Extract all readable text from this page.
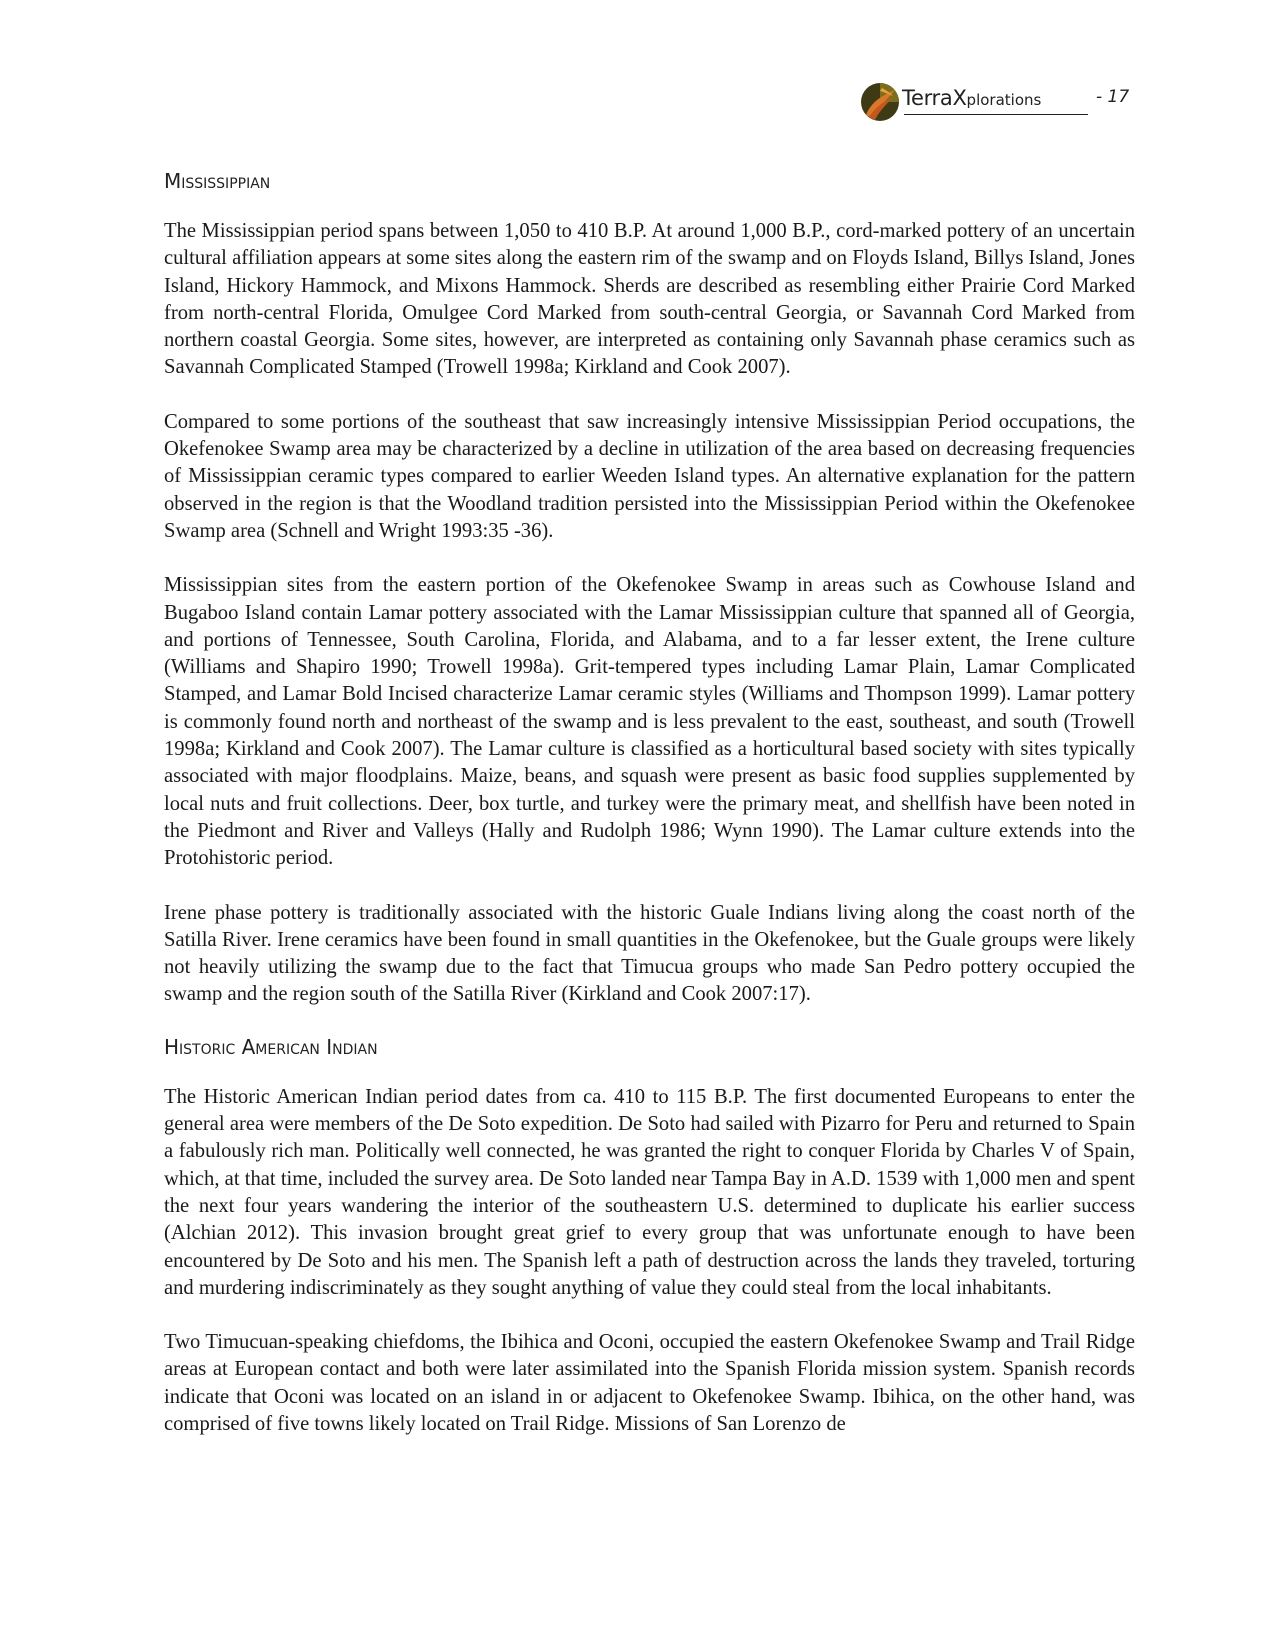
TerraXplorations	- 17
Mississippian

The Mississippian period spans between 1,050 to 410 B.P. At around 1,000 B.P., cord-marked pottery of an uncertain cultural affiliation appears at some sites along the eastern rim of the swamp and on Floyds Island, Billys Island, Jones Island, Hickory Hammock, and Mixons Hammock. Sherds are described as resembling either Prairie Cord Marked from north-central Florida, Omulgee Cord Marked from south-central Georgia, or Savannah Cord Marked from northern coastal Georgia. Some sites, however, are interpreted as containing only Savannah phase ceramics such as Savannah Complicated Stamped (Trowell 1998a; Kirkland and Cook 2007).

Compared to some portions of the southeast that saw increasingly intensive Mississippian Period occupations, the Okefenokee Swamp area may be characterized by a decline in utilization of the area based on decreasing frequencies of Mississippian ceramic types compared to earlier Weeden Island types. An alternative explanation for the pattern observed in the region is that the Woodland tradition persisted into the Mississippian Period within the Okefenokee Swamp area (Schnell and Wright 1993:35 -36).

Mississippian sites from the eastern portion of the Okefenokee Swamp in areas such as Cowhouse Island and Bugaboo Island contain Lamar pottery associated with the Lamar Mississippian culture that spanned all of Georgia, and portions of Tennessee, South Carolina, Florida, and Alabama, and to a far lesser extent, the Irene culture (Williams and Shapiro 1990; Trowell 1998a). Grit-tempered types including Lamar Plain, Lamar Complicated Stamped, and Lamar Bold Incised characterize Lamar ceramic styles (Williams and Thompson 1999). Lamar pottery is commonly found north and northeast of the swamp and is less prevalent to the east, southeast, and south (Trowell 1998a; Kirkland and Cook 2007). The Lamar culture is classified as a horticultural based society with sites typically associated with major floodplains. Maize, beans, and squash were present as basic food supplies supplemented by local nuts and fruit collections. Deer, box turtle, and turkey were the primary meat, and shellfish have been noted in the Piedmont and River and Valleys (Hally and Rudolph 1986; Wynn 1990). The Lamar culture extends into the Protohistoric period.

Irene phase pottery is traditionally associated with the historic Guale Indians living along the coast north of the Satilla River. Irene ceramics have been found in small quantities in the Okefenokee, but the Guale groups were likely not heavily utilizing the swamp due to the fact that Timucua groups who made San Pedro pottery occupied the swamp and the region south of the Satilla River (Kirkland and Cook 2007:17).

Historic American Indian

The Historic American Indian period dates from ca. 410 to 115 B.P. The first documented Europeans to enter the general area were members of the De Soto expedition. De Soto had sailed with Pizarro for Peru and returned to Spain a fabulously rich man. Politically well connected, he was granted the right to conquer Florida by Charles V of Spain, which, at that time, included the survey area. De Soto landed near Tampa Bay in A.D. 1539 with 1,000 men and spent the next four years wandering the interior of the southeastern U.S. determined to duplicate his earlier success (Alchian 2012). This invasion brought great grief to every group that was unfortunate enough to have been encountered by De Soto and his men. The Spanish left a path of destruction across the lands they traveled, torturing and murdering indiscriminately as they sought anything of value they could steal from the local inhabitants.

Two Timucuan-speaking chiefdoms, the Ibihica and Oconi, occupied the eastern Okefenokee Swamp and Trail Ridge areas at European contact and both were later assimilated into the Spanish Florida mission system. Spanish records indicate that Oconi was located on an island in or adjacent to Okefenokee Swamp. Ibihica, on the other hand, was comprised of five towns likely located on Trail Ridge. Missions of San Lorenzo de
